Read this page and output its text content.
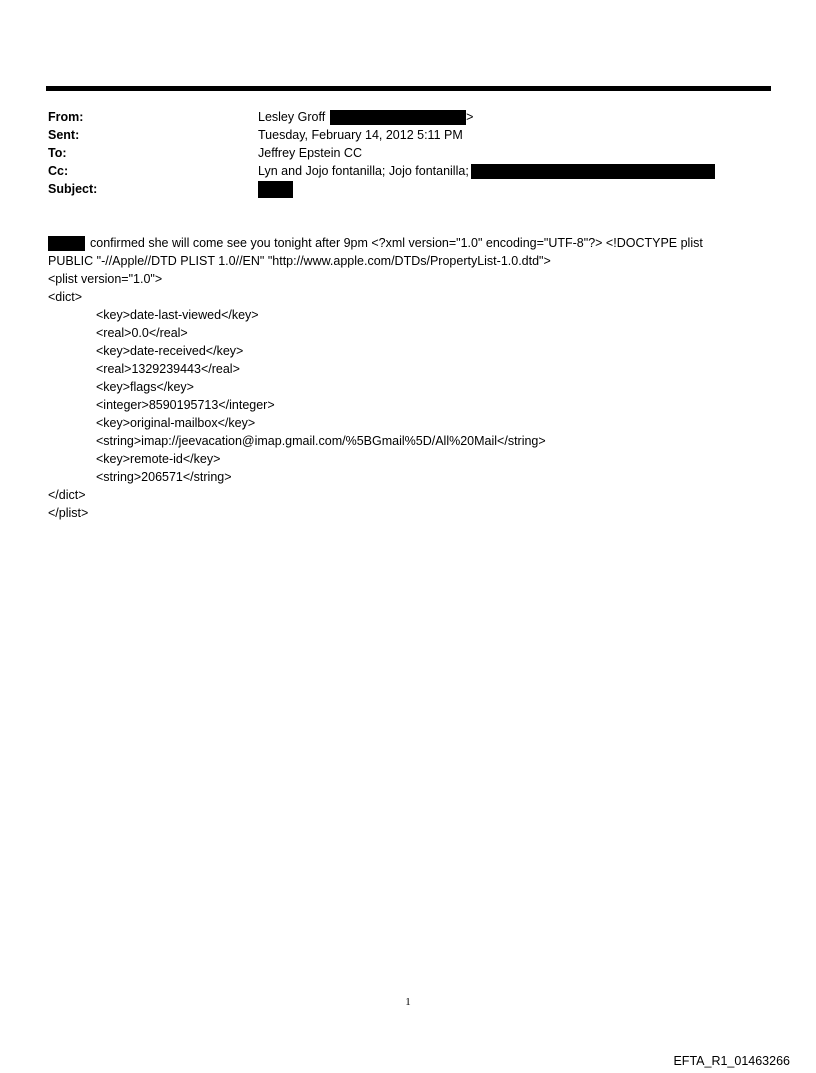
From:	Lesley Groff	>
Sent:	Tuesday, February 14, 2012 5:11 PM
To:	Jeffrey Epstein CC
Cc:	Lyn and Jojo fontanilla; Jojo fontanilla;
Subject:

confirmed she will come see you tonight after 9pm <?xml version="1.0" encoding="UTF-8"?> <!DOCTYPE plist

PUBLIC "-//Apple//DTD PLIST 1.0//EN" "http://www.apple.com/DTDs/PropertyList-1.0.dtd">

<plist version="1.0">

<dict>

<key>date-last-viewed</key>

<real>0.0</real>

<key>date-received</key>

<real>1329239443</real>

<key>flags</key>

<integer>8590195713</integer>

<key>original-mailbox</key>

<string>imap://jeevacation@imap.gmail.com/%5BGmail%5D/All%20Mail</string>

<key>remote-id</key>

<string>206571</string>

</dict>

</plist>

1
EFTA_R1_01463266
